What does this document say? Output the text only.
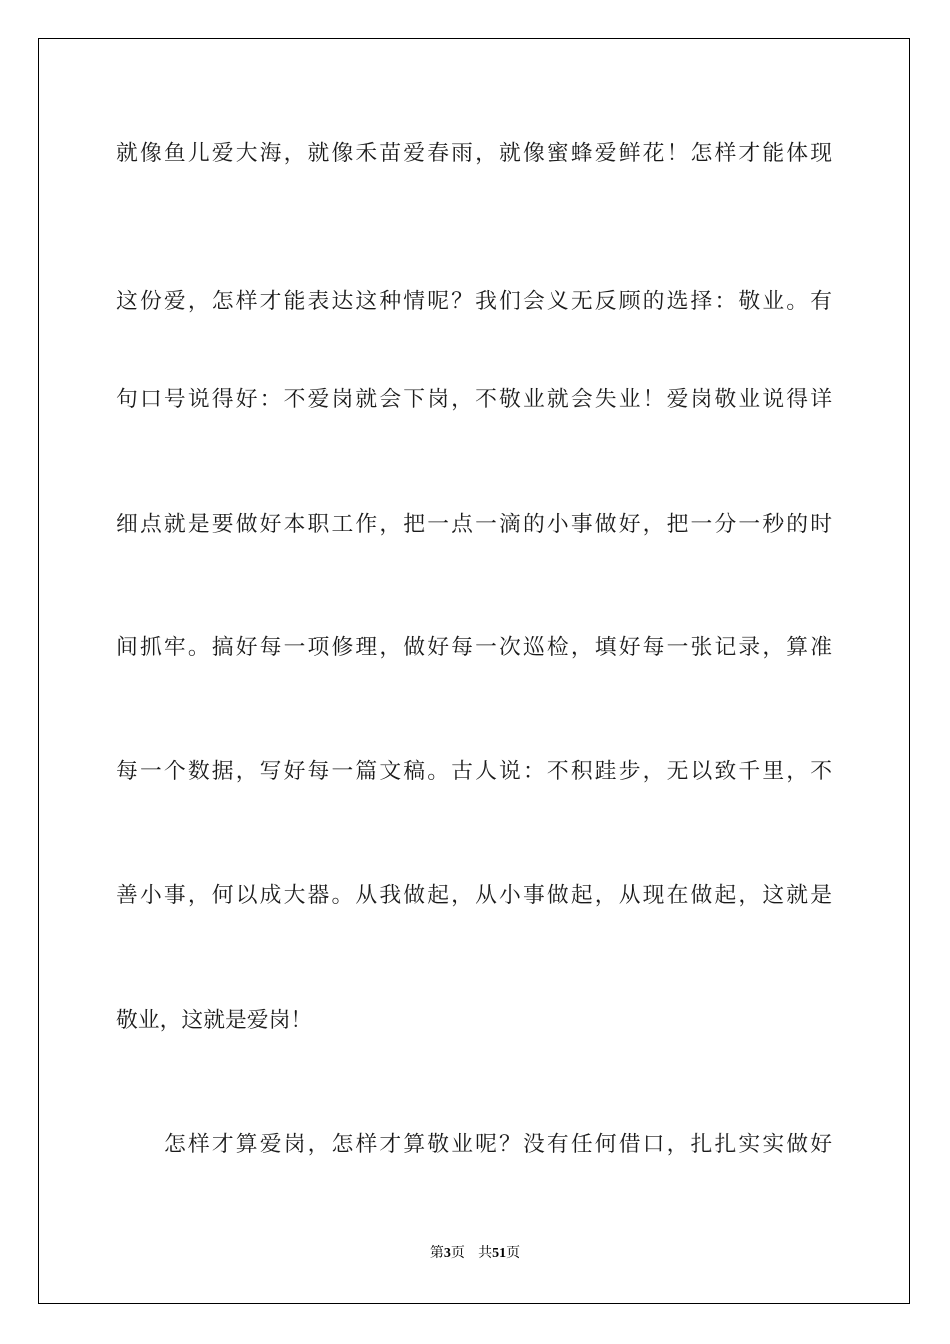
就像鱼儿爱大海，就像禾苗爱春雨，就像蜜蜂爱鲜花！怎样才能体现
这份爱，怎样才能表达这种情呢？我们会义无反顾的选择：敬业。有
句口号说得好：不爱岗就会下岗，不敬业就会失业！爱岗敬业说得详
细点就是要做好本职工作，把一点一滴的小事做好，把一分一秒的时
间抓牢。搞好每一项修理，做好每一次巡检，填好每一张记录，算准
每一个数据，写好每一篇文稿。古人说：不积跬步，无以致千里，不
善小事，何以成大器。从我做起，从小事做起，从现在做起，这就是
敬业，这就是爱岗！
怎样才算爱岗，怎样才算敬业呢？没有任何借口，扎扎实实做好
第3页 共51页
